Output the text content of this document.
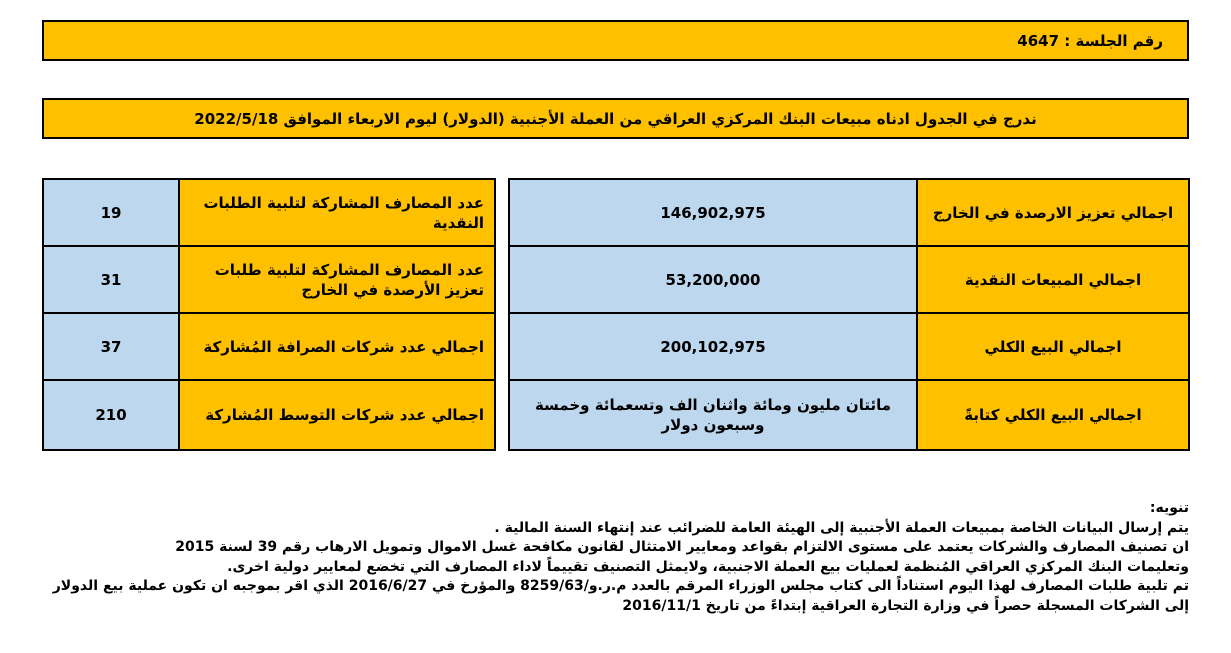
رقم الجلسة : 4647
ندرج في الجدول ادناه مبيعات البنك المركزي العراقي من العملة الأجنبية (الدولار) ليوم الاربعاء الموافق 2022/5/18
اجمالي تعزيز الارصدة في الخارج	146,902,975
اجمالي المبيعات النقدية	53,200,000
اجمالي البيع الكلي	200,102,975
اجمالي البيع الكلي كتابةً	مائتان مليون ومائة واثنان الف وتسعمائة وخمسة وسبعون دولار
عدد المصارف المشاركة لتلبية الطلبات النقدية	19
عدد المصارف المشاركة لتلبية طلبات تعزيز الأرصدة في الخارج	31
اجمالي عدد شركات الصرافة المُشاركة	37
اجمالي عدد شركات التوسط المُشاركة	210
تنويه:
يتم إرسال البيانات الخاصة بمبيعات العملة الأجنبية إلى الهيئة العامة للضرائب عند إنتهاء السنة المالية .
ان تصنيف المصارف والشركات يعتمد على مستوى الالتزام بقواعد ومعايير الامتثال لقانون مكافحة غسل الاموال وتمويل الارهاب رقم 39 لسنة 2015
وتعليمات البنك المركزي العراقي المُنظمة لعمليات بيع العملة الاجنبية، ولايمثل التصنيف تقييماً لاداء المصارف التي تخضع لمعايير دولية اخرى.
تم تلبية طلبات المصارف لهذا اليوم استناداً الى كتاب مجلس الوزراء المرقم بالعدد م.ر.و/8259/63 والمؤرخ في 2016/6/27 الذي اقر بموجبه ان تكون عملية بيع الدولار
إلى الشركات المسجلة حصراً في وزارة التجارة العراقية إبتداءً من تاريخ 2016/11/1
